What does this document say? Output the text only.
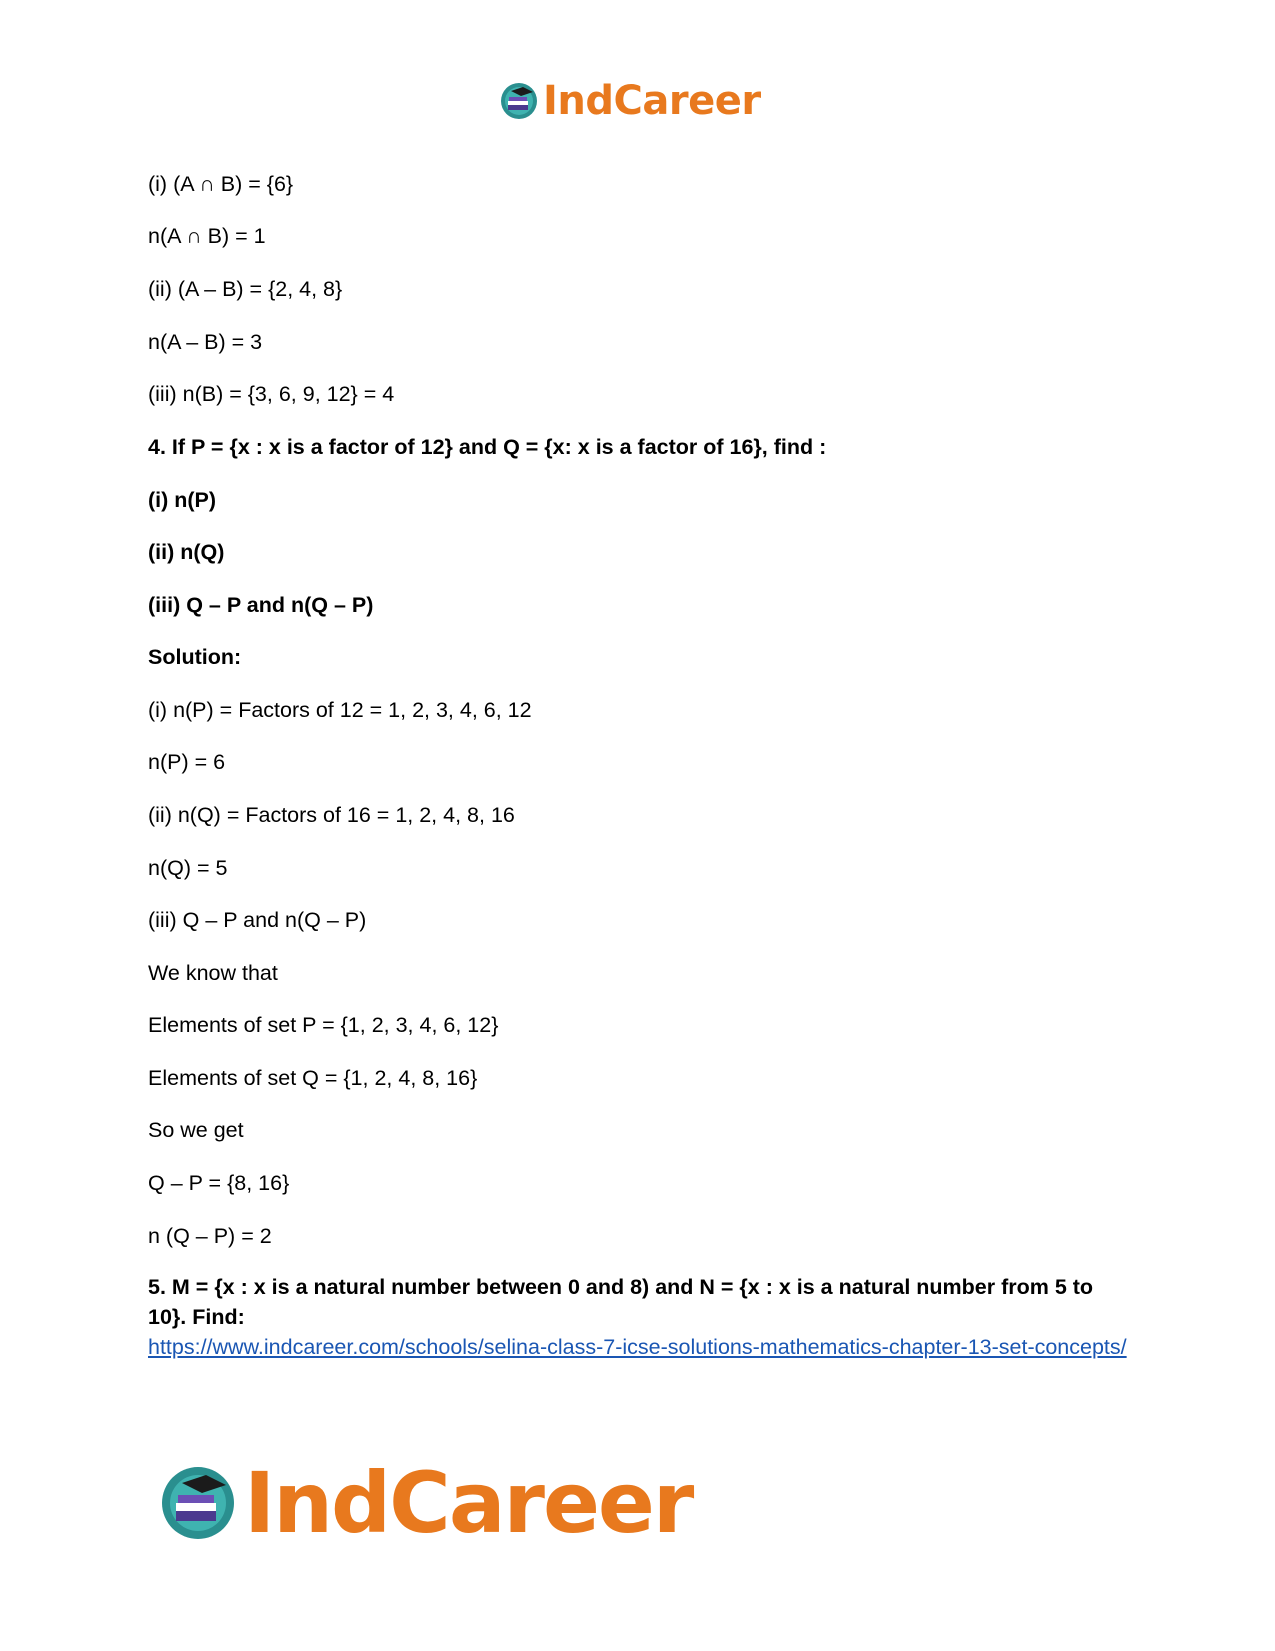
IndCareer
(i) (A ∩ B) = {6}
n(A ∩ B) = 1
(ii) (A – B) = {2, 4, 8}
n(A – B) = 3
(iii) n(B) = {3, 6, 9, 12} = 4
4. If P = {x : x is a factor of 12} and Q = {x: x is a factor of 16}, find :
(i) n(P)
(ii) n(Q)
(iii) Q – P and n(Q – P)
Solution:
(i) n(P) = Factors of 12 = 1, 2, 3, 4, 6, 12
n(P) = 6
(ii) n(Q) = Factors of 16 = 1, 2, 4, 8, 16
n(Q) = 5
(iii) Q – P and n(Q – P)
We know that
Elements of set P = {1, 2, 3, 4, 6, 12}
Elements of set Q = {1, 2, 4, 8, 16}
So we get
Q – P = {8, 16}
n (Q – P) = 2
5. M = {x : x is a natural number between 0 and 8) and N = {x : x is a natural number from 5 to 10}. Find:
https://www.indcareer.com/schools/selina-class-7-icse-solutions-mathematics-chapter-13-set-concepts/
IndCareer
